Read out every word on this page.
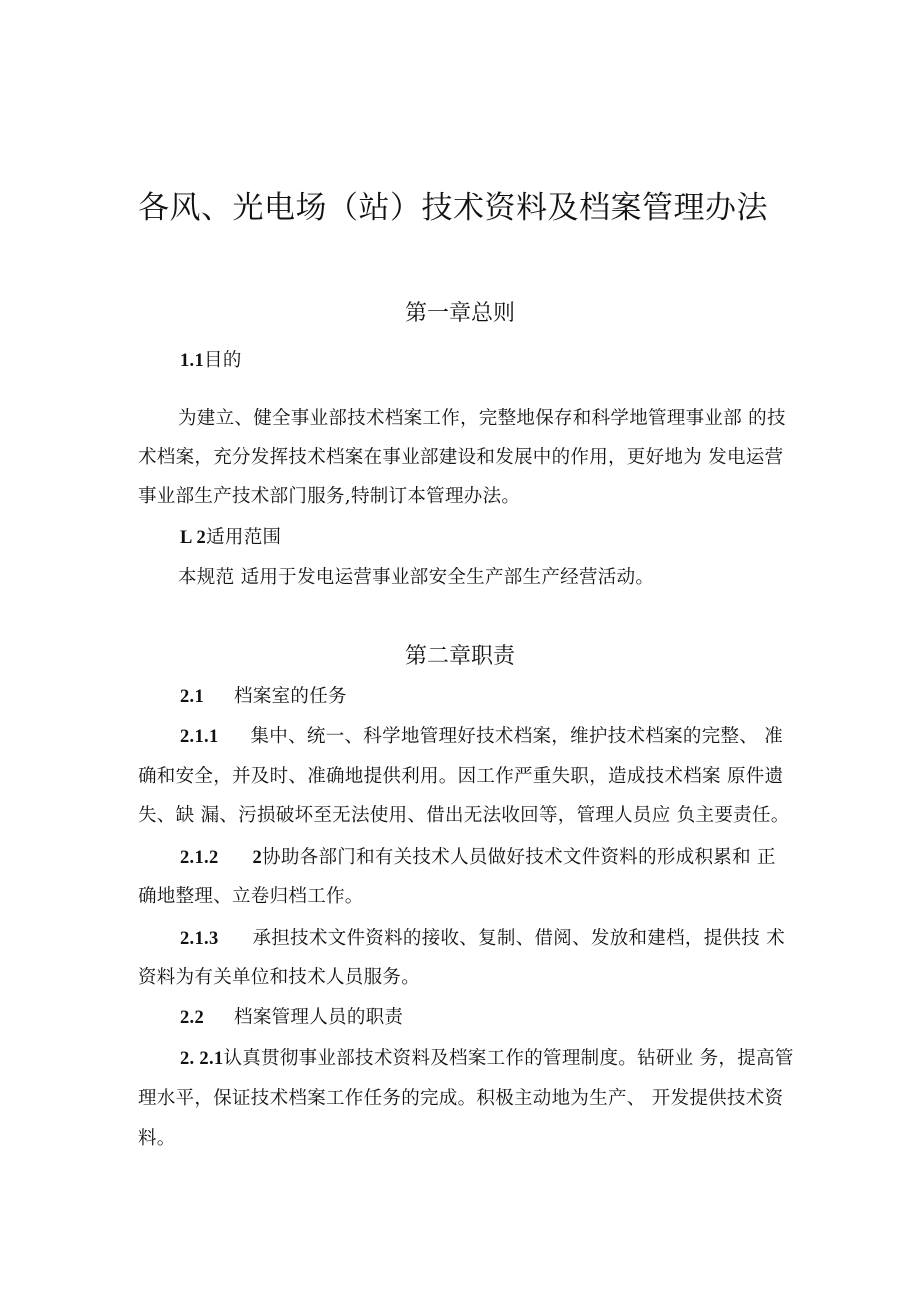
各风、光电场（站）技术资料及档案管理办法
第一章总则
1.1目的
为建立、健全事业部技术档案工作，完整地保存和科学地管理事业部 的技
术档案，充分发挥技术档案在事业部建设和发展中的作用，更好地为 发电运营
事业部生产技术部门服务,特制订本管理办法。
L 2适用范围
本规范 适用于发电运营事业部安全生产部生产经营活动。
第二章职责
2.1 档案室的任务
2.1.1 集中、统一、科学地管理好技术档案，维护技术档案的完整、 准
确和安全，并及时、准确地提供利用。因工作严重失职，造成技术档案 原件遗
失、缺 漏、污损破坏至无法使用、借出无法收回等，管理人员应 负主要责任。
2.1.2 2协助各部门和有关技术人员做好技术文件资料的形成积累和 正
确地整理、立卷归档工作。
2.1.3 承担技术文件资料的接收、复制、借阅、发放和建档，提供技 术
资料为有关单位和技术人员服务。
2.2 档案管理人员的职责
2. 2.1认真贯彻事业部技术资料及档案工作的管理制度。钻研业 务，提高管
理水平，保证技术档案工作任务的完成。积极主动地为生产、 开发提供技术资
料。
